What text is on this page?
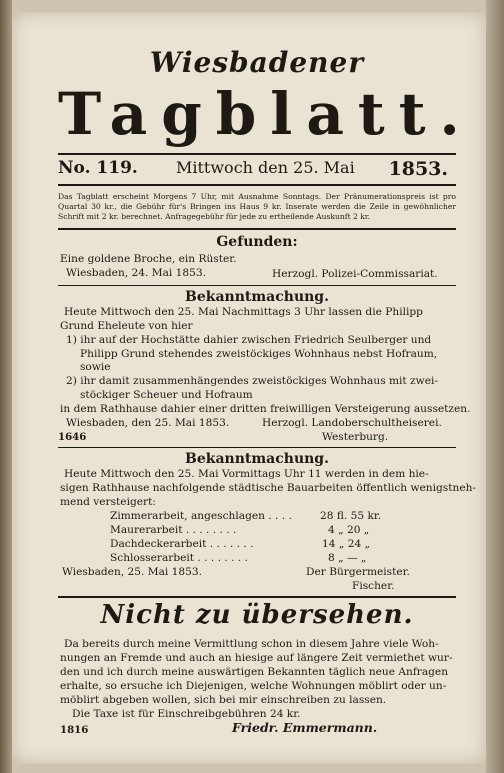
Wiesbadener
Tagblatt.
No. 119. Mittwoch den 25. Mai 1853.
Das Tagblatt erscheint Morgens 7 Uhr, mit Ausnahme Sonntags. Der Pränumerationspreis ist pro Quartal 30 kr., die Gebühr für's Bringen ins Haus 9 kr. Inserate werden die Zeile in gewöhnlicher Schrift mit 2 kr. berechnet. Anfragegebühr für jede zu ertheilende Auskunft 2 kr.
Gefunden:
Eine goldene Broche, ein Rüster.
Wiesbaden, 24. Mai 1853.	Herzogl. Polizei-Commissariat.
Bekanntmachung.
Heute Mittwoch den 25. Mai Nachmittags 3 Uhr lassen die Philipp
Grund Eheleute von hier
1) ihr auf der Hochstätte dahier zwischen Friedrich Seulberger und
Philipp Grund stehendes zweistöckiges Wohnhaus nebst Hofraum,
sowie
2) ihr damit zusammenhängendes zweistöckiges Wohnhaus mit zwei-
stöckiger Scheuer und Hofraum
in dem Rathhause dahier einer dritten freiwilligen Versteigerung aussetzen.
Wiesbaden, den 25. Mai 1853.
1646
Herzogl. Landoberschultheiserei.
Westerburg.
Bekanntmachung.
Heute Mittwoch den 25. Mai Vormittags Uhr 11 werden in dem hie-
sigen Rathhause nachfolgende städtische Bauarbeiten öffentlich wenigstneh-
mend versteigert:
Zimmerarbeit, angeschlagen . . . .	28 fl. 55 kr.
Maurerarbeit . . . . . . . .	4 „ 20 „
Dachdeckerarbeit . . . . . . .	14 „ 24 „
Schlosserarbeit . . . . . . . .	8 „ — „
Wiesbaden, 25. Mai 1853.	Der Bürgermeister.
Fischer.
Nicht zu übersehen.
Da bereits durch meine Vermittlung schon in diesem Jahre viele Woh-
nungen an Fremde und auch an hiesige auf längere Zeit vermiethet wur-
den und ich durch meine auswärtigen Bekannten täglich neue Anfragen
erhalte, so ersuche ich Diejenigen, welche Wohnungen möblirt oder un-
möblirt abgeben wollen, sich bei mir einschreiben zu lassen.
Die Taxe ist für Einschreibgebühren 24 kr.
1816	Friedr. Emmermann.
